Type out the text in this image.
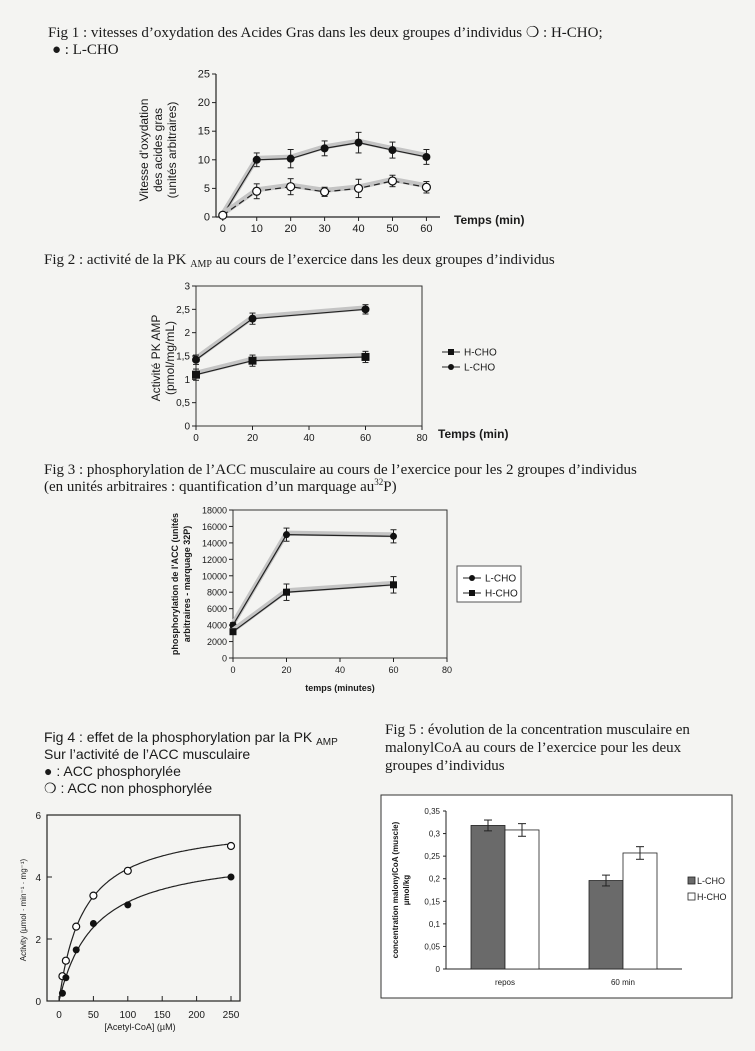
Fig 1 : vitesses d’oxydation des Acides Gras dans les deux groupes d’individus ❍ : H-CHO;
● : L-CHO
Fig 2 : activité de la PK $_{AMP}$ au cours de l’exercice dans les deux groupes d’individus
Fig 3 : phosphorylation de l’ACC musculaire au cours de l’exercice pour les 2 groupes d’individus
(en unités arbitraires : quantification d’un marquage $au^{32}P$)
Fig 4 : effet de la phosphorylation par la PK $_{AMP}$
Sur l’activité de l’ACC musculaire
● : ACC phosphorylée
❍ : ACC non phosphorylée
Fig 5 : évolution de la concentration musculaire en
malonylCoA au cours de l’exercice pour les deux
groupes d’individus
0
5
10
15
20
25
0 10 20 30 40 50 60
Vitesse d'oxydation des acides gras (unités arbitraires)
Temps (min)
0
0,5
1
1,5
2
2,5
3
0	20	40	60	80
Activité PK AMP (pmol/mg/mL)
Temps (min)
H-CHO
L-CHO
0
2000
4000
6000
8000
10000
12000
14000
16000
18000
0	20	40	60	80
phosphorylation de l'ACC (unités arbitraires - marquage 32P)
temps (minutes)
L-CHO
H-CHO
0
2
4
6
0	50 100 150 200 250
Activity (µmol · min⁻¹ · mg⁻¹)
[Acetyl-CoA] (µM)
0
0,05
0,1
0,15
0,2
0,25
0,3
0,35
repos	60 min
concentration malonylCoA (muscle) µmol/kg	L-CHO
H-CHO
